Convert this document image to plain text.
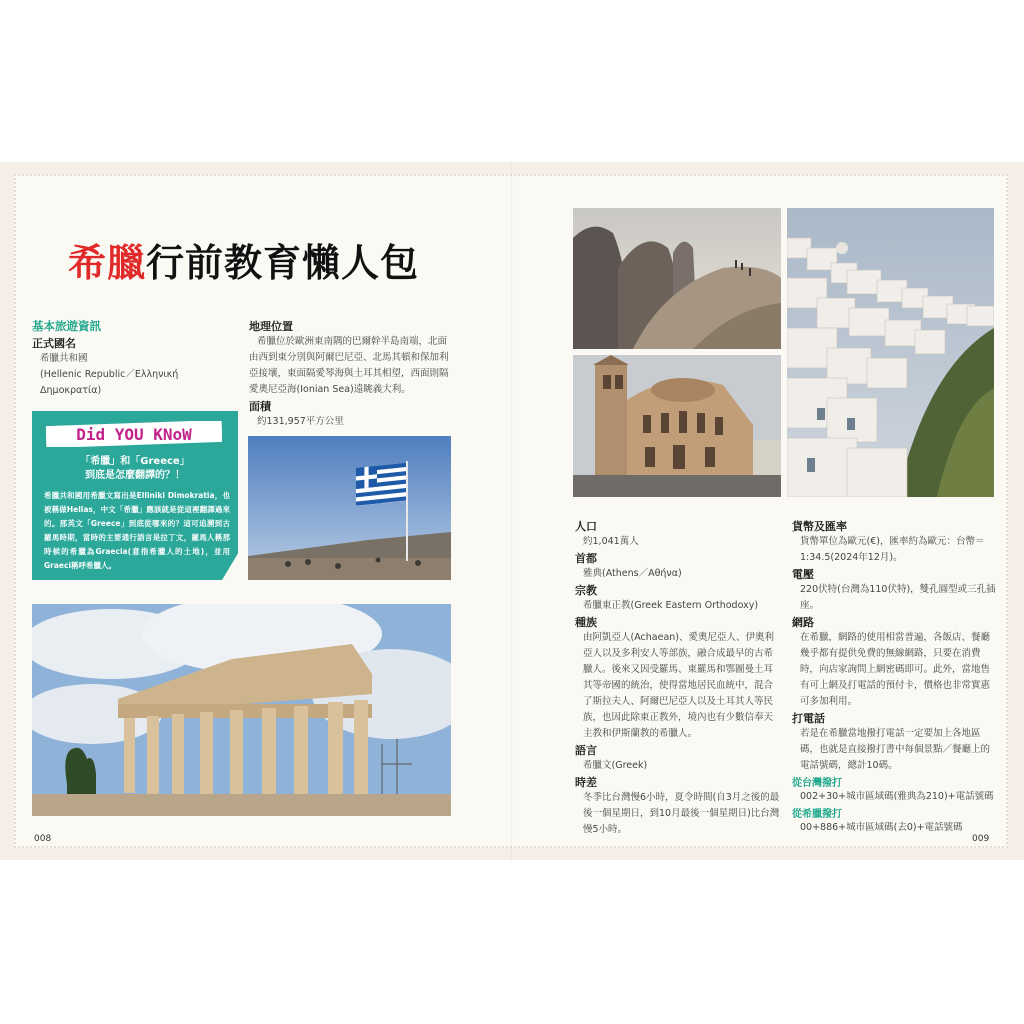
希臘行前教育懶人包
基本旅遊資訊
正式國名
希臘共和國
(Hellenic Republic／Ελληνική Δημοκρατία)
地理位置
希臘位於歐洲東南隅的巴爾幹半島南端，北面由西到東分別與阿爾巴尼亞、北馬其頓和保加利亞接壤，東面隔愛琴海與土耳其相望，西面則隔愛奧尼亞海(Ionian Sea)遠眺義大利。
面積
約131,957平方公里
Did YOU KNoW
「希臘」和「Greece」
到底是怎麼翻譯的？！
希臘共和國用希臘文寫出是Elliniki Dimokratia，也被稱做Hellas，中文「希臘」應該就是從這裡翻譯過來的。那英文「Greece」到底從哪來的？這可追溯到古羅馬時期，當時的主要通行語言是拉丁文，羅馬人稱那時候的希臘為Graecia(意指希臘人的土地)，並用Graeci稱呼希臘人。
人口
約1,041萬人
首都
雅典(Athens／Αθήνα)
宗教
希臘東正教(Greek Eastern Orthodoxy)
種族
由阿凱亞人(Achaean)、愛奧尼亞人、伊奧利亞人以及多利安人等部族，融合成最早的古希臘人。後來又因受羅馬、東羅馬和鄂圖曼土耳其等帝國的統治，使得當地居民血統中，混合了斯拉夫人、阿爾巴尼亞人以及土耳其人等民族，也因此除東正教外，境內也有少數信奉天主教和伊斯蘭教的希臘人。
語言
希臘文(Greek)
時差
冬季比台灣慢6小時，夏令時間(自3月之後的最後一個星期日，到10月最後一個星期日)比台灣慢5小時。
貨幣及匯率
貨幣單位為歐元(€)，匯率約為歐元：台幣＝1:34.5(2024年12月)。
電壓
220伏特(台灣為110伏特)，雙孔圓型或三孔插座。
網路
在希臘，網路的使用相當普遍，各飯店、餐廳幾乎都有提供免費的無線網路，只要在消費時，向店家詢問上網密碼即可。此外，當地售有可上網及打電話的預付卡，價格也非常實惠可多加利用。
打電話
若是在希臘當地撥打電話一定要加上各地區碼，也就是直接撥打書中每個景點／餐廳上的電話號碼，總計10碼。
從台灣撥打
002+30+城市區域碼(雅典為210)+電話號碼
從希臘撥打
00+886+城市區域碼(去0)+電話號碼
008	009
